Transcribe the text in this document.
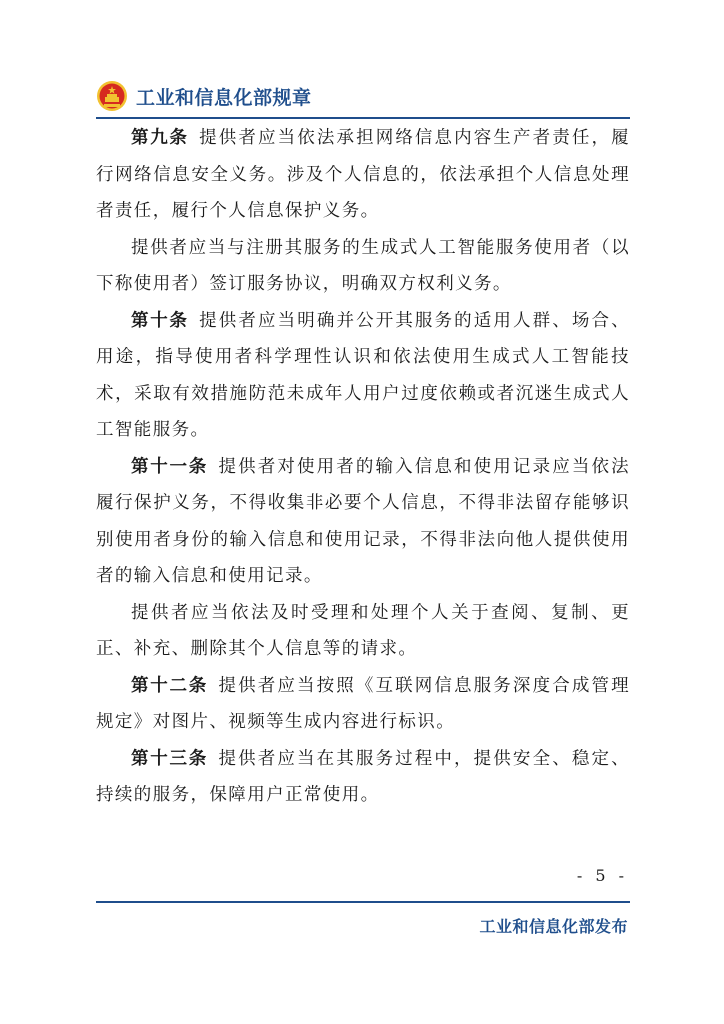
工业和信息化部规章

第九条 提供者应当依法承担网络信息内容生产者责任，履行网络信息安全义务。涉及个人信息的，依法承担个人信息处理者责任，履行个人信息保护义务。

提供者应当与注册其服务的生成式人工智能服务使用者（以下称使用者）签订服务协议，明确双方权利义务。

第十条 提供者应当明确并公开其服务的适用人群、场合、用途，指导使用者科学理性认识和依法使用生成式人工智能技术，采取有效措施防范未成年人用户过度依赖或者沉迷生成式人工智能服务。

第十一条 提供者对使用者的输入信息和使用记录应当依法履行保护义务，不得收集非必要个人信息，不得非法留存能够识别使用者身份的输入信息和使用记录，不得非法向他人提供使用者的输入信息和使用记录。

提供者应当依法及时受理和处理个人关于查阅、复制、更正、补充、删除其个人信息等的请求。

第十二条 提供者应当按照《互联网信息服务深度合成管理规定》对图片、视频等生成内容进行标识。

第十三条 提供者应当在其服务过程中，提供安全、稳定、持续的服务，保障用户正常使用。

- 5 -
工业和信息化部发布
